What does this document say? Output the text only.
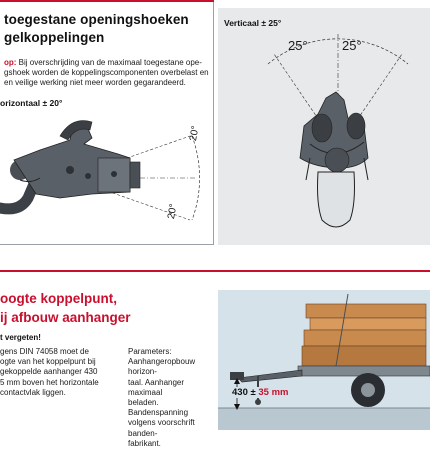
toegestane openingshoeken
gelkoppelingen
op: Bij overschrijding van de maximaal toegestane ope-
gshoek worden de koppelingscomponenten overbelast en
en veilige werking niet meer worden gegarandeerd.
orizontaal ± 20°
20°
20°
Verticaal ± 25°
25°	25°
oogte koppelpunt,
ij afbouw aanhanger
t vergeten!
gens DIN 74058 moet de
ogte van het koppelpunt bij
gekoppelde aanhanger 430
5 mm boven het horizontale
contactvlak liggen.
Parameters:
Aanhangeropbouw horizon-
taal. Aanhanger maximaal
beladen. Bandenspanning
volgens voorschrift banden-
fabrikant.
430 ± 35 mm
